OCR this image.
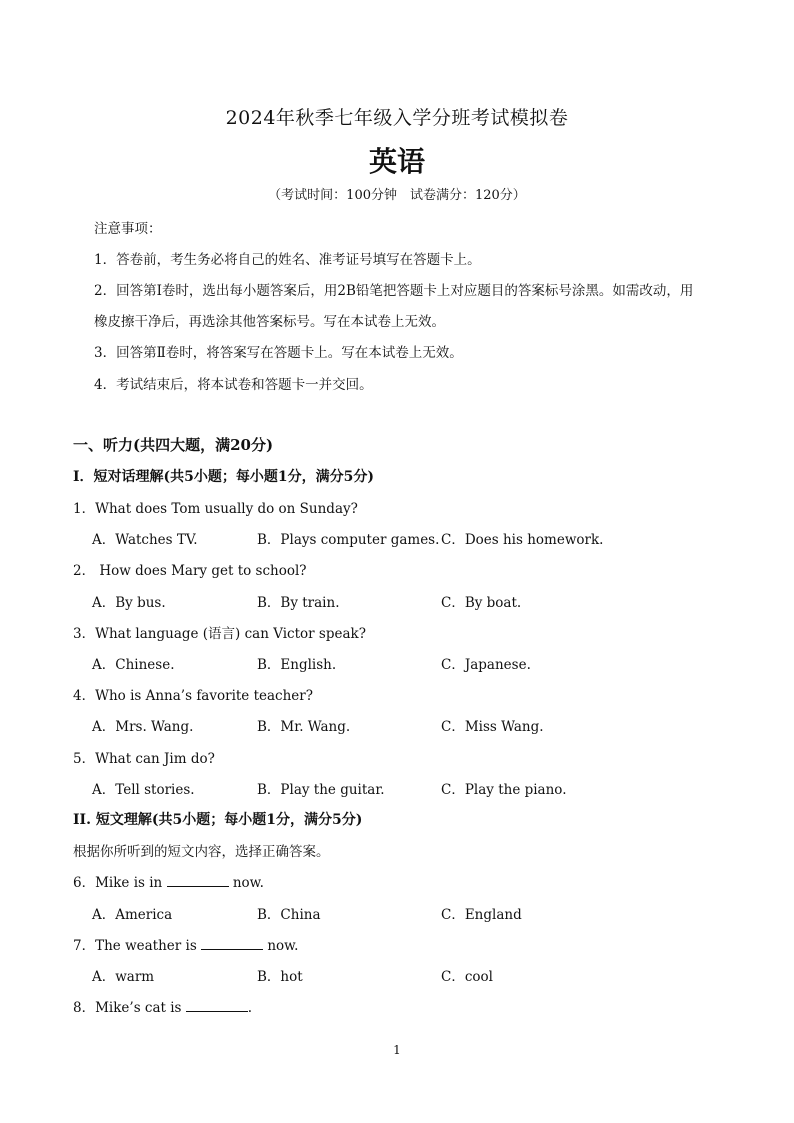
2024年秋季七年级入学分班考试模拟卷
英语
（考试时间：100分钟　试卷满分：120分）
注意事项：
1．答卷前，考生务必将自己的姓名、准考证号填写在答题卡上。
2．回答第Ⅰ卷时，选出每小题答案后，用2B铅笔把答题卡上对应题目的答案标号涂黑。如需改动，用
橡皮擦干净后，再选涂其他答案标号。写在本试卷上无效。
3．回答第Ⅱ卷时，将答案写在答题卡上。写在本试卷上无效。
4．考试结束后，将本试卷和答题卡一并交回。
一、听力(共四大题，满20分)
Ⅰ．短对话理解(共5小题；每小题1分，满分5分)
1．What does Tom usually do on Sunday?
A．Watches TV.	B．Plays computer games. C．Does his homework.
2． How does Mary get to school?
A．By bus.	B．By train.	C．By boat.
3．What language (语言) can Victor speak?
A．Chinese.	B．English.	C．Japanese.
4．Who is Anna’s favorite teacher?
A．Mrs. Wang.	B．Mr. Wang.	C．Miss Wang.
5．What can Jim do?
A．Tell stories.	B．Play the guitar.	C．Play the piano.
II. 短文理解(共5小题；每小题1分，满分5分)
根据你所听到的短文内容，选择正确答案。
6．Mike is in	now.
A．America	B．China	C．England
7．The weather is	now.
A．warm	B．hot	C．cool
8．Mike’s cat is	.
1
